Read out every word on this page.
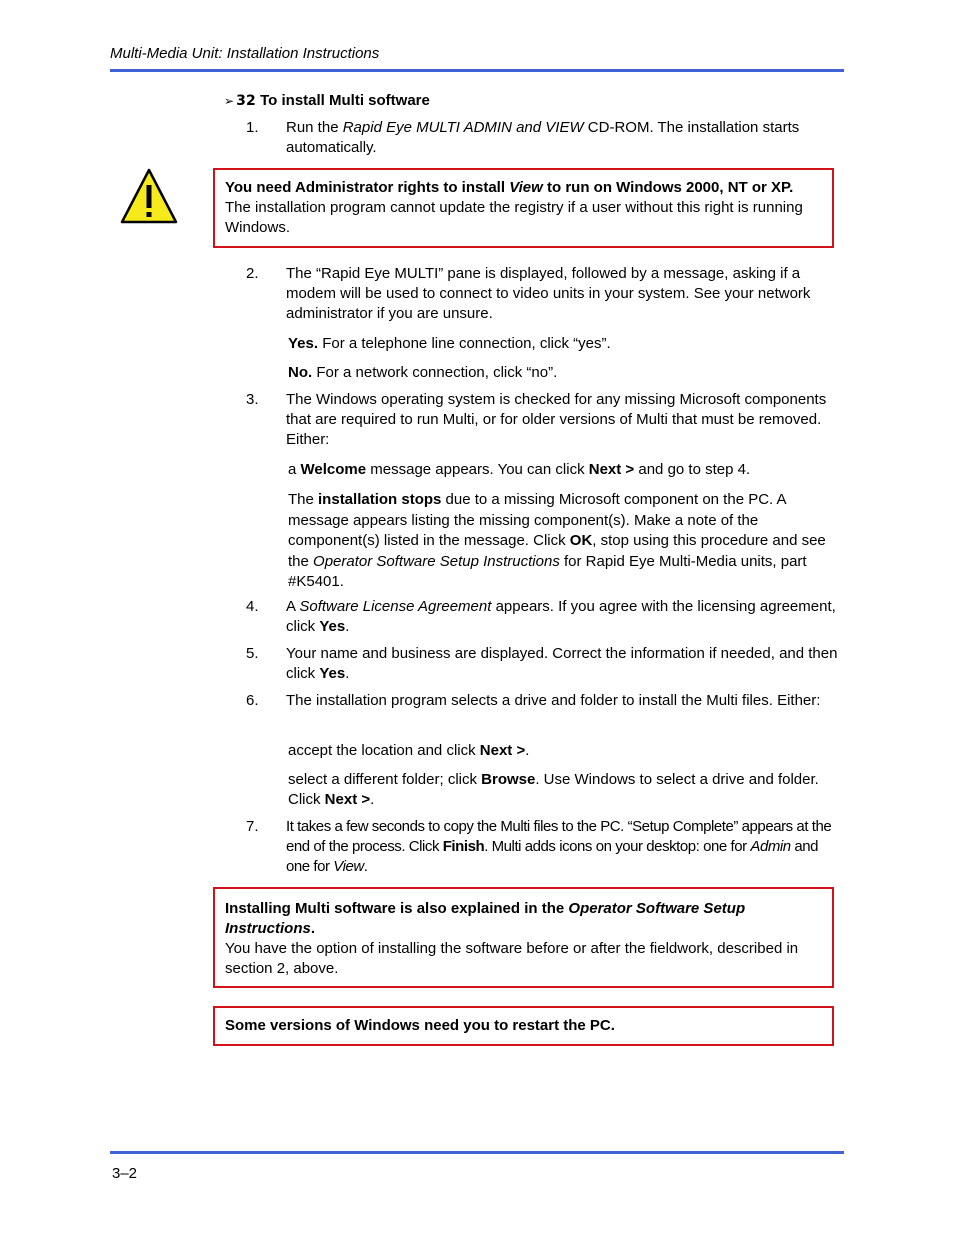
Multi-Media Unit: Installation Instructions
➢ 32 To install Multi software
1. Run the Rapid Eye MULTI ADMIN and VIEW CD-ROM. The installation starts automatically.
You need Administrator rights to install View to run on Windows 2000, NT or XP.
The installation program cannot update the registry if a user without this right is running Windows.
2. The “Rapid Eye MULTI” pane is displayed, followed by a message, asking if a modem will be used to connect to video units in your system. See your network administrator if you are unsure.
Yes. For a telephone line connection, click “yes”.
No. For a network connection, click “no”.
3. The Windows operating system is checked for any missing Microsoft components that are required to run Multi, or for older versions of Multi that must be removed. Either:
a Welcome message appears. You can click Next > and go to step 4.
The installation stops due to a missing Microsoft component on the PC. A message appears listing the missing component(s). Make a note of the component(s) listed in the message. Click OK, stop using this procedure and see the Operator Software Setup Instructions for Rapid Eye Multi-Media units, part #K5401.
4. A Software License Agreement appears. If you agree with the licensing agreement, click Yes.
5. Your name and business are displayed. Correct the information if needed, and then click Yes.
6. The installation program selects a drive and folder to install the Multi files. Either:
accept the location and click Next >.
select a different folder; click Browse. Use Windows to select a drive and folder. Click Next >.
7. It takes a few seconds to copy the Multi files to the PC. “Setup Complete” appears at the end of the process. Click Finish. Multi adds icons on your desktop: one for Admin and one for View.
Installing Multi software is also explained in the Operator Software Setup Instructions.
You have the option of installing the software before or after the fieldwork, described in section 2, above.
Some versions of Windows need you to restart the PC.
3–2
